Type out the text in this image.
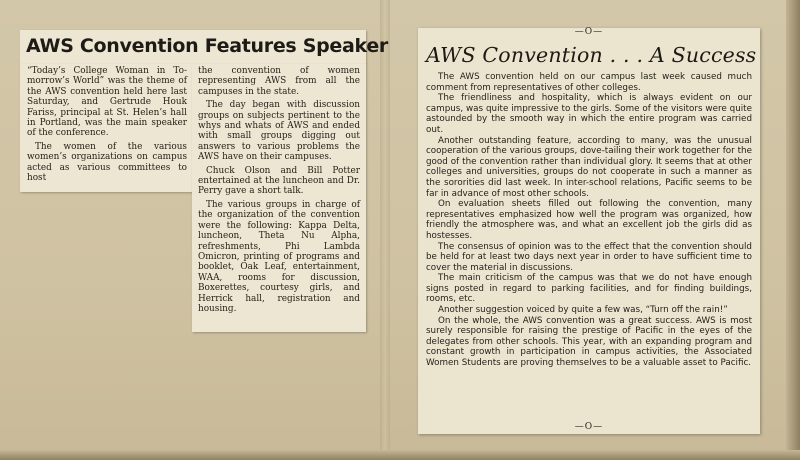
AWS Convention Features Speaker

“Today’s College Woman in To-morrow’s World” was the theme of the AWS convention held here last Saturday, and Gertrude Houk Fariss, principal at St. Helen’s hall in Portland, was the main speaker of the conference.

The women of the various women’s organizations on campus acted as various committees to host

the convention of women representing AWS from all the campuses in the state.

The day began with discussion groups on subjects pertinent to the whys and whats of AWS and ended with small groups digging out answers to various problems the AWS have on their campuses.

Chuck Olson and Bill Potter entertained at the luncheon and Dr. Perry gave a short talk.

The various groups in charge of the organization of the convention were the following: Kappa Delta, luncheon, Theta Nu Alpha, refreshments, Phi Lambda Omicron, printing of programs and booklet, Oak Leaf, entertainment, WAA, rooms for discussion, Boxerettes, courtesy girls, and Herrick hall, registration and housing.

—O—
AWS Convention . . . A Success

The AWS convention held on our campus last week caused much comment from representatives of other colleges.

The friendliness and hospitality, which is always evident on our campus, was quite impressive to the girls. Some of the visitors were quite astounded by the smooth way in which the entire program was carried out.

Another outstanding feature, according to many, was the unusual cooperation of the various groups, dove-tailing their work together for the good of the convention rather than individual glory. It seems that at other colleges and universities, groups do not cooperate in such a manner as the sororities did last week. In inter-school relations, Pacific seems to be far in advance of most other schools.

On evaluation sheets filled out following the convention, many representatives emphasized how well the program was organized, how friendly the atmosphere was, and what an excellent job the girls did as hostesses.

The consensus of opinion was to the effect that the convention should be held for at least two days next year in order to have sufficient time to cover the material in discussions.

The main criticism of the campus was that we do not have enough signs posted in regard to parking facilities, and for finding buildings, rooms, etc.

Another suggestion voiced by quite a few was, “Turn off the rain!”

On the whole, the AWS convention was a great success. AWS is most surely responsible for raising the prestige of Pacific in the eyes of the delegates from other schools. This year, with an expanding program and constant growth in participation in campus activities, the Associated Women Students are proving themselves to be a valuable asset to Pacific.

—O—
